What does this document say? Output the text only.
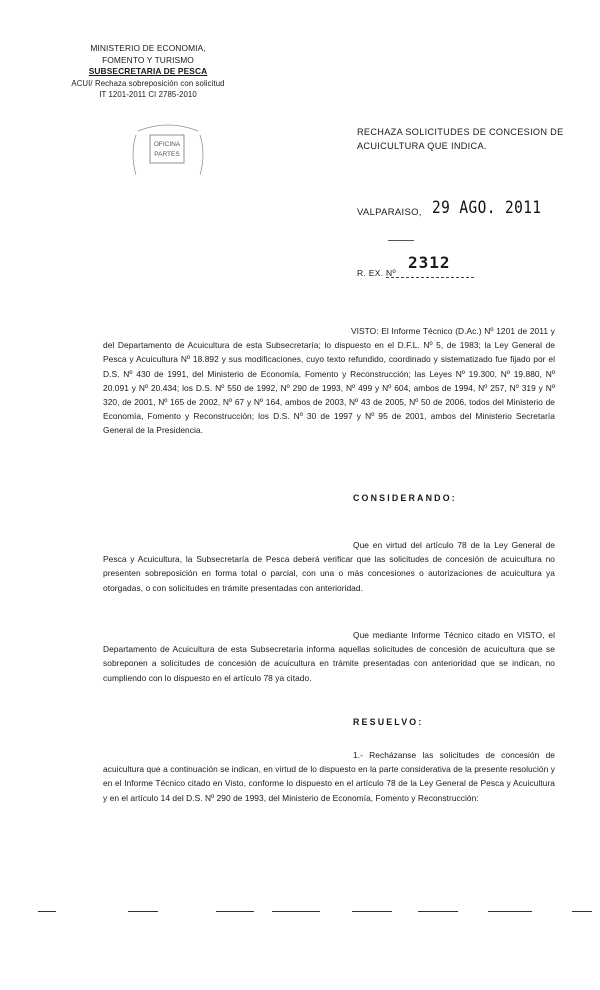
MINISTERIO DE ECONOMIA,
FOMENTO Y TURISMO
SUBSECRETARIA DE PESCA
ACUI/ Rechaza sobreposición con solicitud
IT 1201-2011 CI 2785-2010
OFICINA
PARTES
RECHAZA SOLICITUDES DE CONCESION DE ACUICULTURA QUE INDICA.
VALPARAISO, 29 AGO. 2011
2312
R. EX. Nº
VISTO: El Informe Técnico (D.Ac.) Nº 1201 de 2011 y del Departamento de Acuicultura de esta Subsecretaría; lo dispuesto en el D.F.L. Nº 5, de 1983; la Ley General de Pesca y Acuicultura Nº 18.892 y sus modificaciones, cuyo texto refundido, coordinado y sistematizado fue fijado por el D.S. Nº 430 de 1991, del Ministerio de Economía, Fomento y Reconstrucción; las Leyes Nº 19.300, Nº 19.880, Nº 20.091 y Nº 20.434; los D.S. Nº 550 de 1992, Nº 290 de 1993, Nº 499 y Nº 604, ambos de 1994, Nº 257, Nº 319 y Nº 320, de 2001, Nº 165 de 2002, Nº 67 y Nº 164, ambos de 2003, Nº 43 de 2005, Nº 50 de 2006, todos del Ministerio de Economía, Fomento y Reconstrucción; los D.S. Nº 30 de 1997 y Nº 95 de 2001, ambos del Ministerio Secretaría General de la Presidencia.
CONSIDERANDO:
Que en virtud del artículo 78 de la Ley General de Pesca y Acuicultura, la Subsecretaría de Pesca deberá verificar que las solicitudes de concesión de acuicultura no presenten sobreposición en forma total o parcial, con una o más concesiones o autorizaciones de acuicultura ya otorgadas, o con solicitudes en trámite presentadas con anterioridad.
Que mediante Informe Técnico citado en VISTO, el Departamento de Acuicultura de esta Subsecretaría informa aquellas solicitudes de concesión de acuicultura que se sobreponen a solicitudes de concesión de acuicultura en trámite presentadas con anterioridad que se indican, no cumpliendo con lo dispuesto en el artículo 78 ya citado.
RESUELVO:
1.- Recházanse las solicitudes de concesión de acuicultura que a continuación se indican, en virtud de lo dispuesto en la parte considerativa de la presente resolución y en el Informe Técnico citado en Visto, conforme lo dispuesto en el artículo 78 de la Ley General de Pesca y Acuicultura y en el artículo 14 del D.S. Nº 290 de 1993, del Ministerio de Economía, Fomento y Reconstrucción:
